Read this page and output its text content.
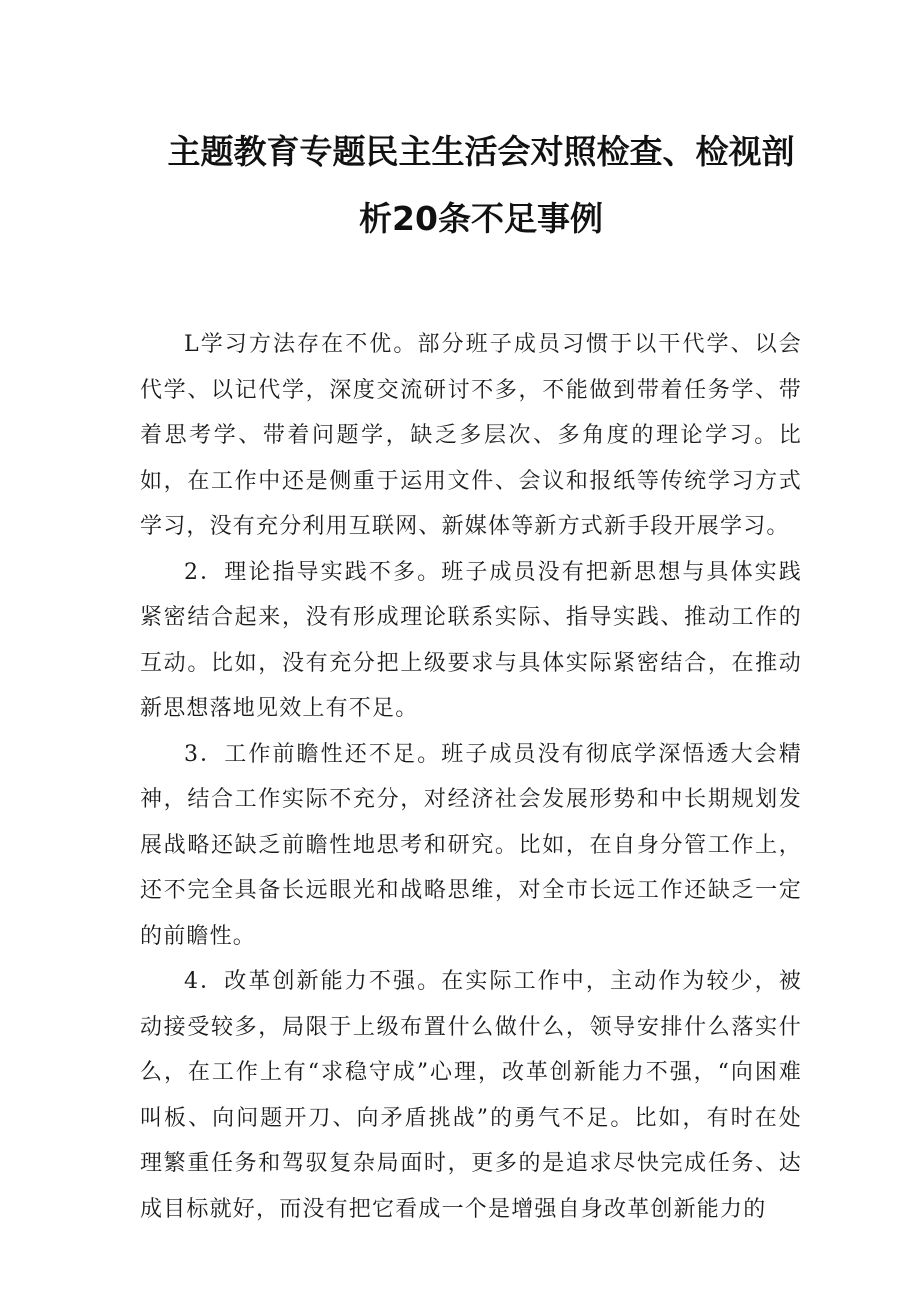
主题教育专题民主生活会对照检查、检视剖
析20条不足事例

L学习方法存在不优。部分班子成员习惯于以干代学、以会代学、以记代学，深度交流研讨不多，不能做到带着任务学、带着思考学、带着问题学，缺乏多层次、多角度的理论学习。比如，在工作中还是侧重于运用文件、会议和报纸等传统学习方式学习，没有充分利用互联网、新媒体等新方式新手段开展学习。

2．理论指导实践不多。班子成员没有把新思想与具体实践紧密结合起来，没有形成理论联系实际、指导实践、推动工作的互动。比如，没有充分把上级要求与具体实际紧密结合，在推动新思想落地见效上有不足。

3．工作前瞻性还不足。班子成员没有彻底学深悟透大会精神，结合工作实际不充分，对经济社会发展形势和中长期规划发展战略还缺乏前瞻性地思考和研究。比如，在自身分管工作上，还不完全具备长远眼光和战略思维，对全市长远工作还缺乏一定的前瞻性。

4．改革创新能力不强。在实际工作中，主动作为较少，被动接受较多，局限于上级布置什么做什么，领导安排什么落实什么，在工作上有“求稳守成”心理，改革创新能力不强，“向困难叫板、向问题开刀、向矛盾挑战”的勇气不足。比如，有时在处理繁重任务和驾驭复杂局面时，更多的是追求尽快完成任务、达成目标就好，而没有把它看成一个是增强自身改革创新能力的
